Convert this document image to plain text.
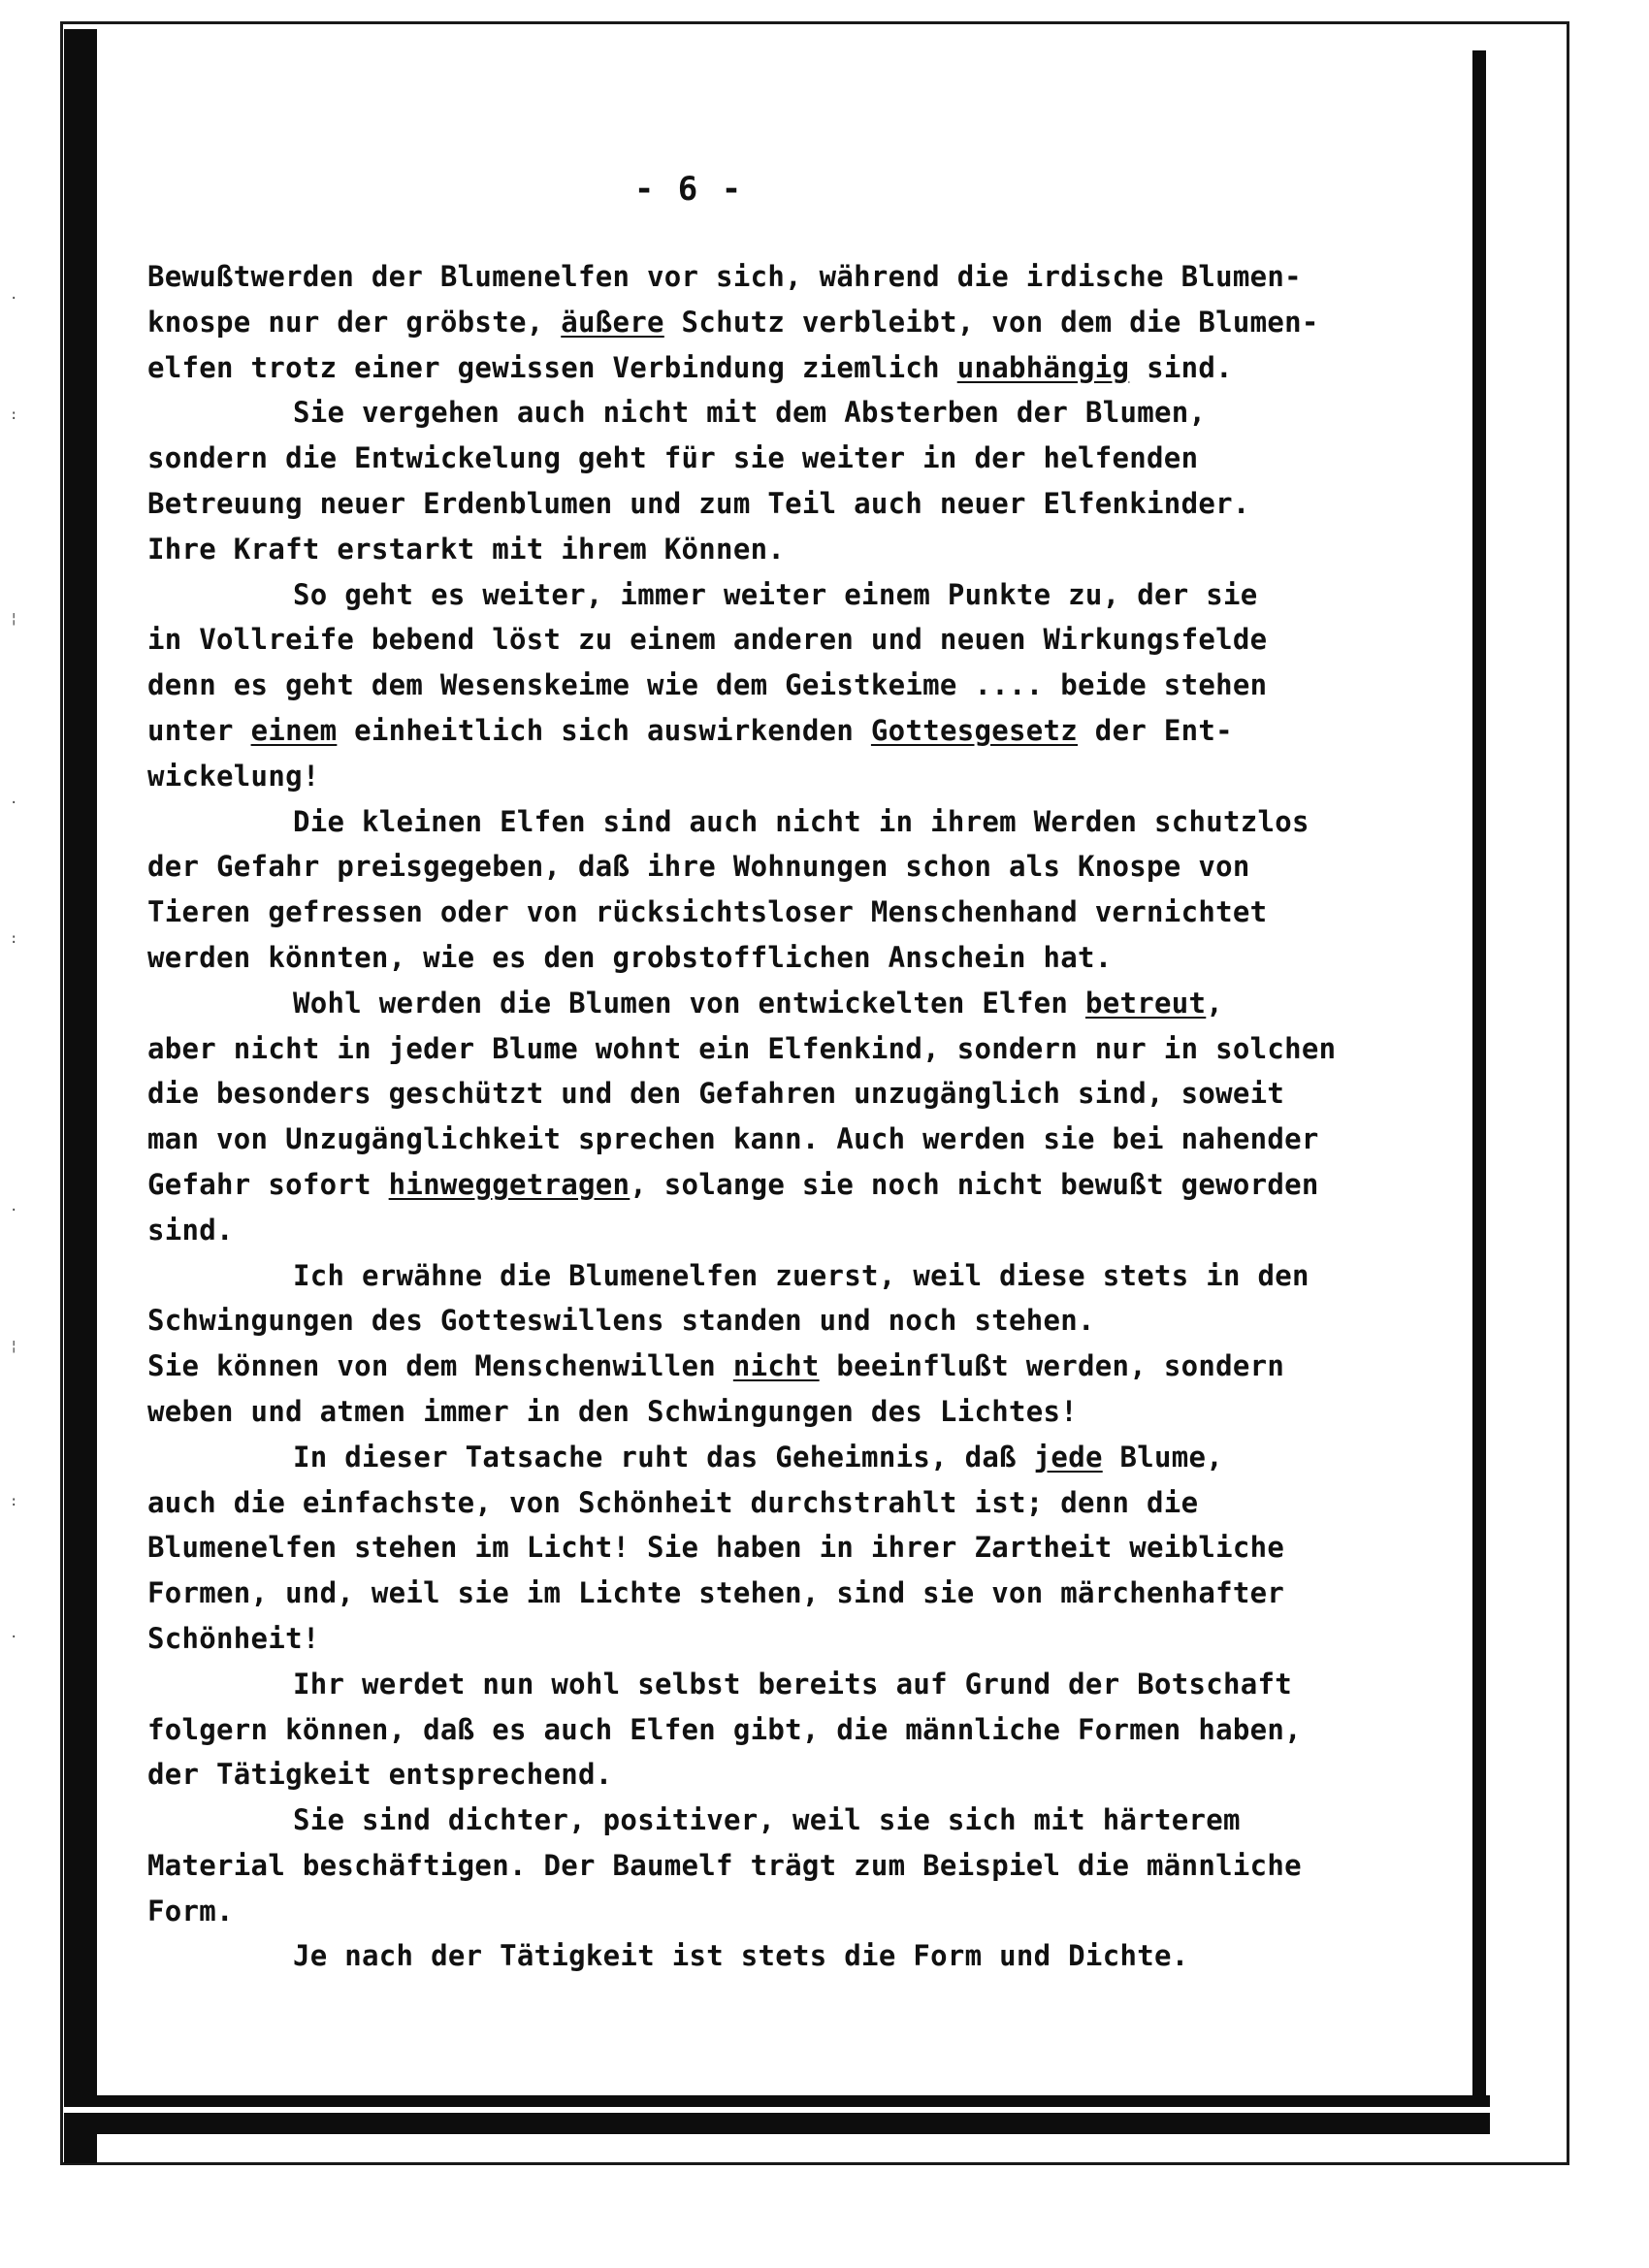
·
:
¦
·
:
·
¦
:
·
- 6 -
Bewußtwerden der Blumenelfen vor sich, während die irdische Blumen-
knospe nur der gröbste, äußere Schutz verbleibt, von dem die Blumen-
elfen trotz einer gewissen Verbindung ziemlich unabhängig sind.
Sie vergehen auch nicht mit dem Absterben der Blumen,
sondern die Entwickelung geht für sie weiter in der helfenden
Betreuung neuer Erdenblumen und zum Teil auch neuer Elfenkinder.
Ihre Kraft erstarkt mit ihrem Können.
So geht es weiter, immer weiter einem Punkte zu, der sie
in Vollreife bebend löst zu einem anderen und neuen Wirkungsfelde
denn es geht dem Wesenskeime wie dem Geistkeime .... beide stehen
unter einem einheitlich sich auswirkenden Gottesgesetz der Ent-
wickelung!
Die kleinen Elfen sind auch nicht in ihrem Werden schutzlos
der Gefahr preisgegeben, daß ihre Wohnungen schon als Knospe von
Tieren gefressen oder von rücksichtsloser Menschenhand vernichtet
werden könnten, wie es den grobstofflichen Anschein hat.
Wohl werden die Blumen von entwickelten Elfen betreut,
aber nicht in jeder Blume wohnt ein Elfenkind, sondern nur in solchen
die besonders geschützt und den Gefahren unzugänglich sind, soweit
man von Unzugänglichkeit sprechen kann. Auch werden sie bei nahender
Gefahr sofort hinweggetragen, solange sie noch nicht bewußt geworden
sind.
Ich erwähne die Blumenelfen zuerst, weil diese stets in den
Schwingungen des Gotteswillens standen und noch stehen.
Sie können von dem Menschenwillen nicht beeinflußt werden, sondern
weben und atmen immer in den Schwingungen des Lichtes!
In dieser Tatsache ruht das Geheimnis, daß jede Blume,
auch die einfachste, von Schönheit durchstrahlt ist; denn die
Blumenelfen stehen im Licht! Sie haben in ihrer Zartheit weibliche
Formen, und, weil sie im Lichte stehen, sind sie von märchenhafter
Schönheit!
Ihr werdet nun wohl selbst bereits auf Grund der Botschaft
folgern können, daß es auch Elfen gibt, die männliche Formen haben,
der Tätigkeit entsprechend.
Sie sind dichter, positiver, weil sie sich mit härterem
Material beschäftigen. Der Baumelf trägt zum Beispiel die männliche
Form.
Je nach der Tätigkeit ist stets die Form und Dichte.
